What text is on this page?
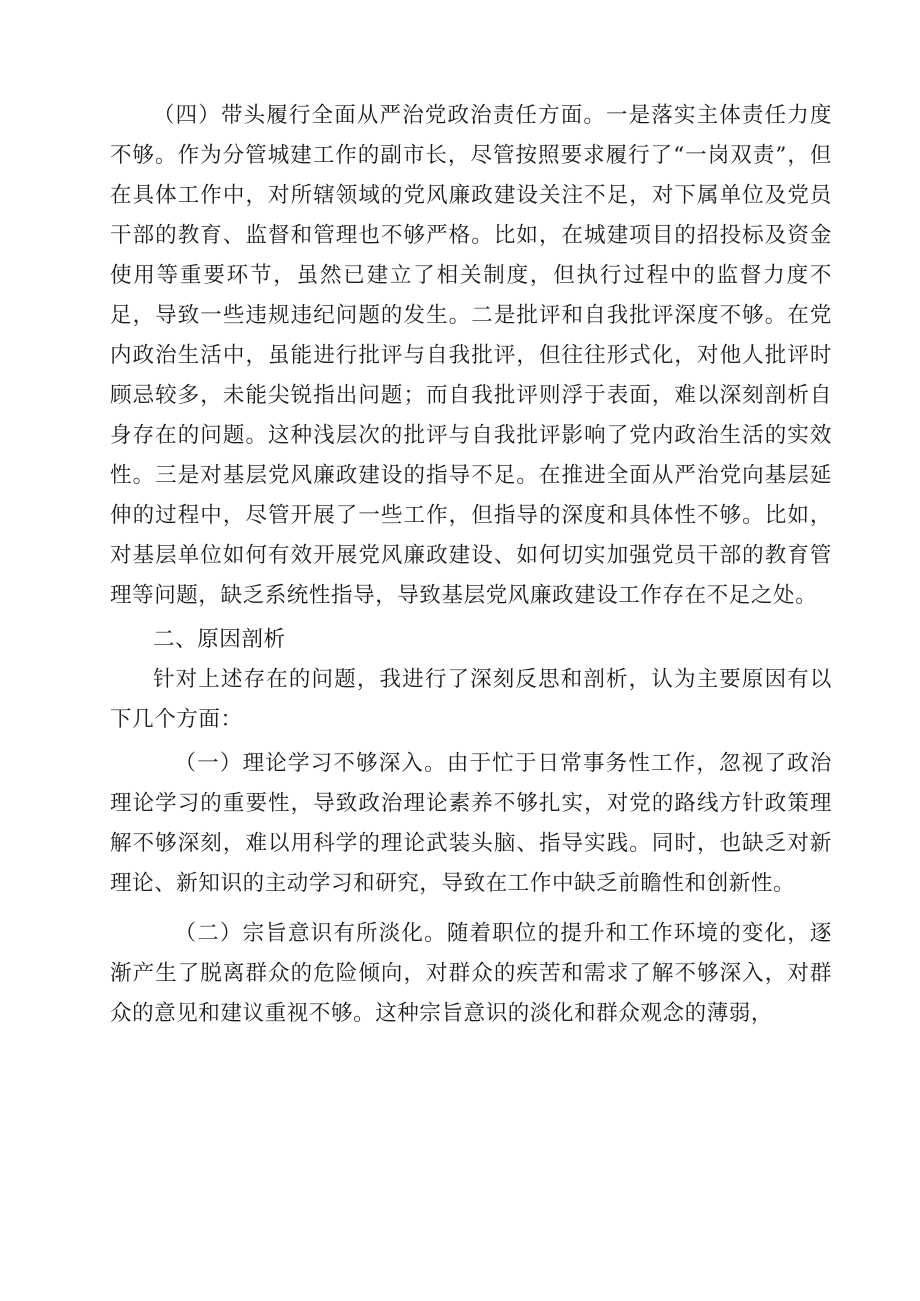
（四）带头履行全面从严治党政治责任方面。一是落实主体责任力度不够。作为分管城建工作的副市长，尽管按照要求履行了“一岗双责”，但在具体工作中，对所辖领域的党风廉政建设关注不足，对下属单位及党员干部的教育、监督和管理也不够严格。比如，在城建项目的招投标及资金使用等重要环节，虽然已建立了相关制度，但执行过程中的监督力度不足，导致一些违规违纪问题的发生。二是批评和自我批评深度不够。在党内政治生活中，虽能进行批评与自我批评，但往往形式化，对他人批评时顾忌较多，未能尖锐指出问题；而自我批评则浮于表面，难以深刻剖析自身存在的问题。这种浅层次的批评与自我批评影响了党内政治生活的实效性。三是对基层党风廉政建设的指导不足。在推进全面从严治党向基层延伸的过程中，尽管开展了一些工作，但指导的深度和具体性不够。比如，对基层单位如何有效开展党风廉政建设、如何切实加强党员干部的教育管理等问题，缺乏系统性指导，导致基层党风廉政建设工作存在不足之处。

二、原因剖析

针对上述存在的问题，我进行了深刻反思和剖析，认为主要原因有以下几个方面：

（一）理论学习不够深入。由于忙于日常事务性工作，忽视了政治理论学习的重要性，导致政治理论素养不够扎实，对党的路线方针政策理解不够深刻，难以用科学的理论武装头脑、指导实践。同时，也缺乏对新理论、新知识的主动学习和研究，导致在工作中缺乏前瞻性和创新性。

（二）宗旨意识有所淡化。随着职位的提升和工作环境的变化，逐渐产生了脱离群众的危险倾向，对群众的疾苦和需求了解不够深入，对群众的意见和建议重视不够。这种宗旨意识的淡化和群众观念的薄弱，
